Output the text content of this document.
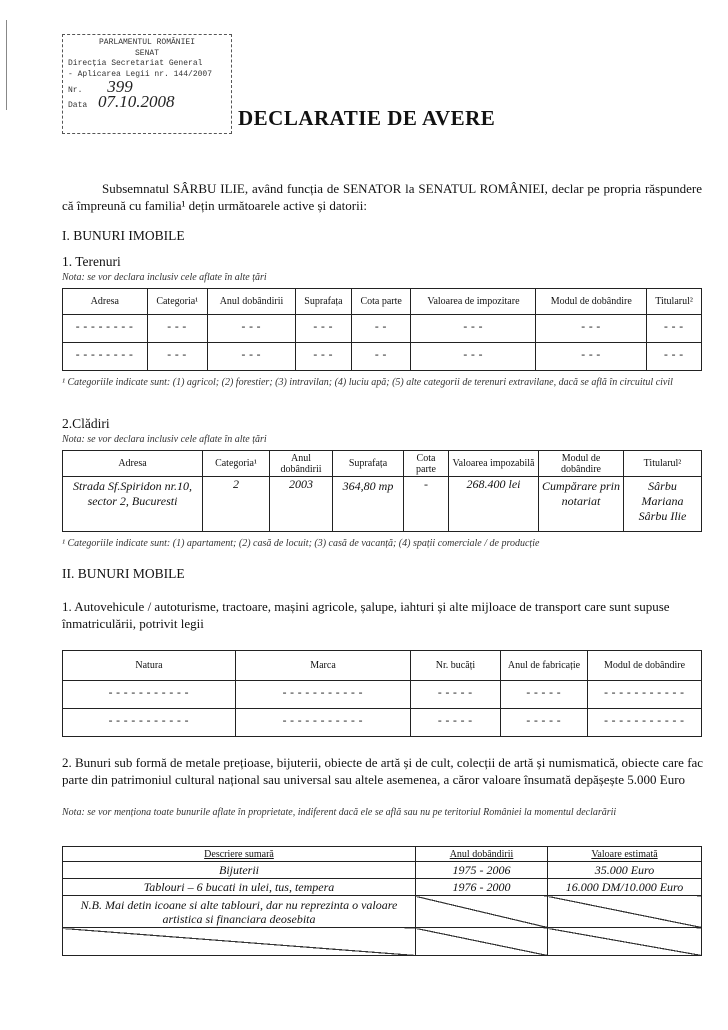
PARLAMENTUL ROMÂNIEI
SENAT
Direcția Secretariat General
- Aplicarea Legii nr. 144/2007
Nr. 399
Data 07.10.2008
DECLARATIE DE AVERE
Subsemnatul SÂRBU ILIE, având funcția de SENATOR la SENATUL ROMÂNIEI, declar pe propria răspundere că împreună cu familia¹ dețin următoarele active și datorii:
I. BUNURI IMOBILE
1. Terenuri
Nota: se vor declara inclusiv cele aflate în alte țări
Adresa	Categoria¹	Anul dobândirii	Suprafața	Cota parte	Valoarea de impozitare	Modul de dobândire	Titularul²
--------	---	---	---	--	---	---	---
--------	---	---	---	--	---	---	---
¹ Categoriile indicate sunt: (1) agricol; (2) forestier; (3) intravilan; (4) luciu apă; (5) alte categorii de terenuri extravilane, dacă se află în circuitul civil
2.Clădiri
Nota: se vor declara inclusiv cele aflate în alte țări
Adresa	Categoria¹	Anul dobândirii	Suprafața	Cota parte	Valoarea impozabilă	Modul de dobândire	Titularul²
Strada Sf.Spiridon nr.10, sector 2, Bucuresti	2	2003	364,80 mp	-	268.400 lei	Cumpărare prin notariat	Sârbu Mariana Sârbu Ilie
¹ Categoriile indicate sunt: (1) apartament; (2) casă de locuit; (3) casă de vacanță; (4) spații comerciale / de producție
II. BUNURI MOBILE
1. Autovehicule / autoturisme, tractoare, mașini agricole, șalupe, iahturi și alte mijloace de transport care sunt supuse înmatriculării, potrivit legii
Natura	Marca	Nr. bucăți	Anul de fabricație	Modul de dobândire
-----------	-----------	-----	-----	-----------
-----------	-----------	-----	-----	-----------
2. Bunuri sub formă de metale prețioase, bijuterii, obiecte de artă și de cult, colecții de artă și numismatică, obiecte care fac parte din patrimoniul cultural național sau universal sau altele asemenea, a căror valoare însumată depășește 5.000 Euro
Nota: se vor menționa toate bunurile aflate în proprietate, indiferent dacă ele se află sau nu pe teritoriul României la momentul declarării
Descriere sumară	Anul dobândirii	Valoare estimată
Bijuterii	1975 - 2006	35.000 Euro
Tablouri – 6 bucati in ulei, tus, tempera	1976 - 2000	16.000 DM/10.000 Euro
N.B. Mai detin icoane si alte tablouri, dar nu reprezinta o valoare artistica si financiara deosebita		
